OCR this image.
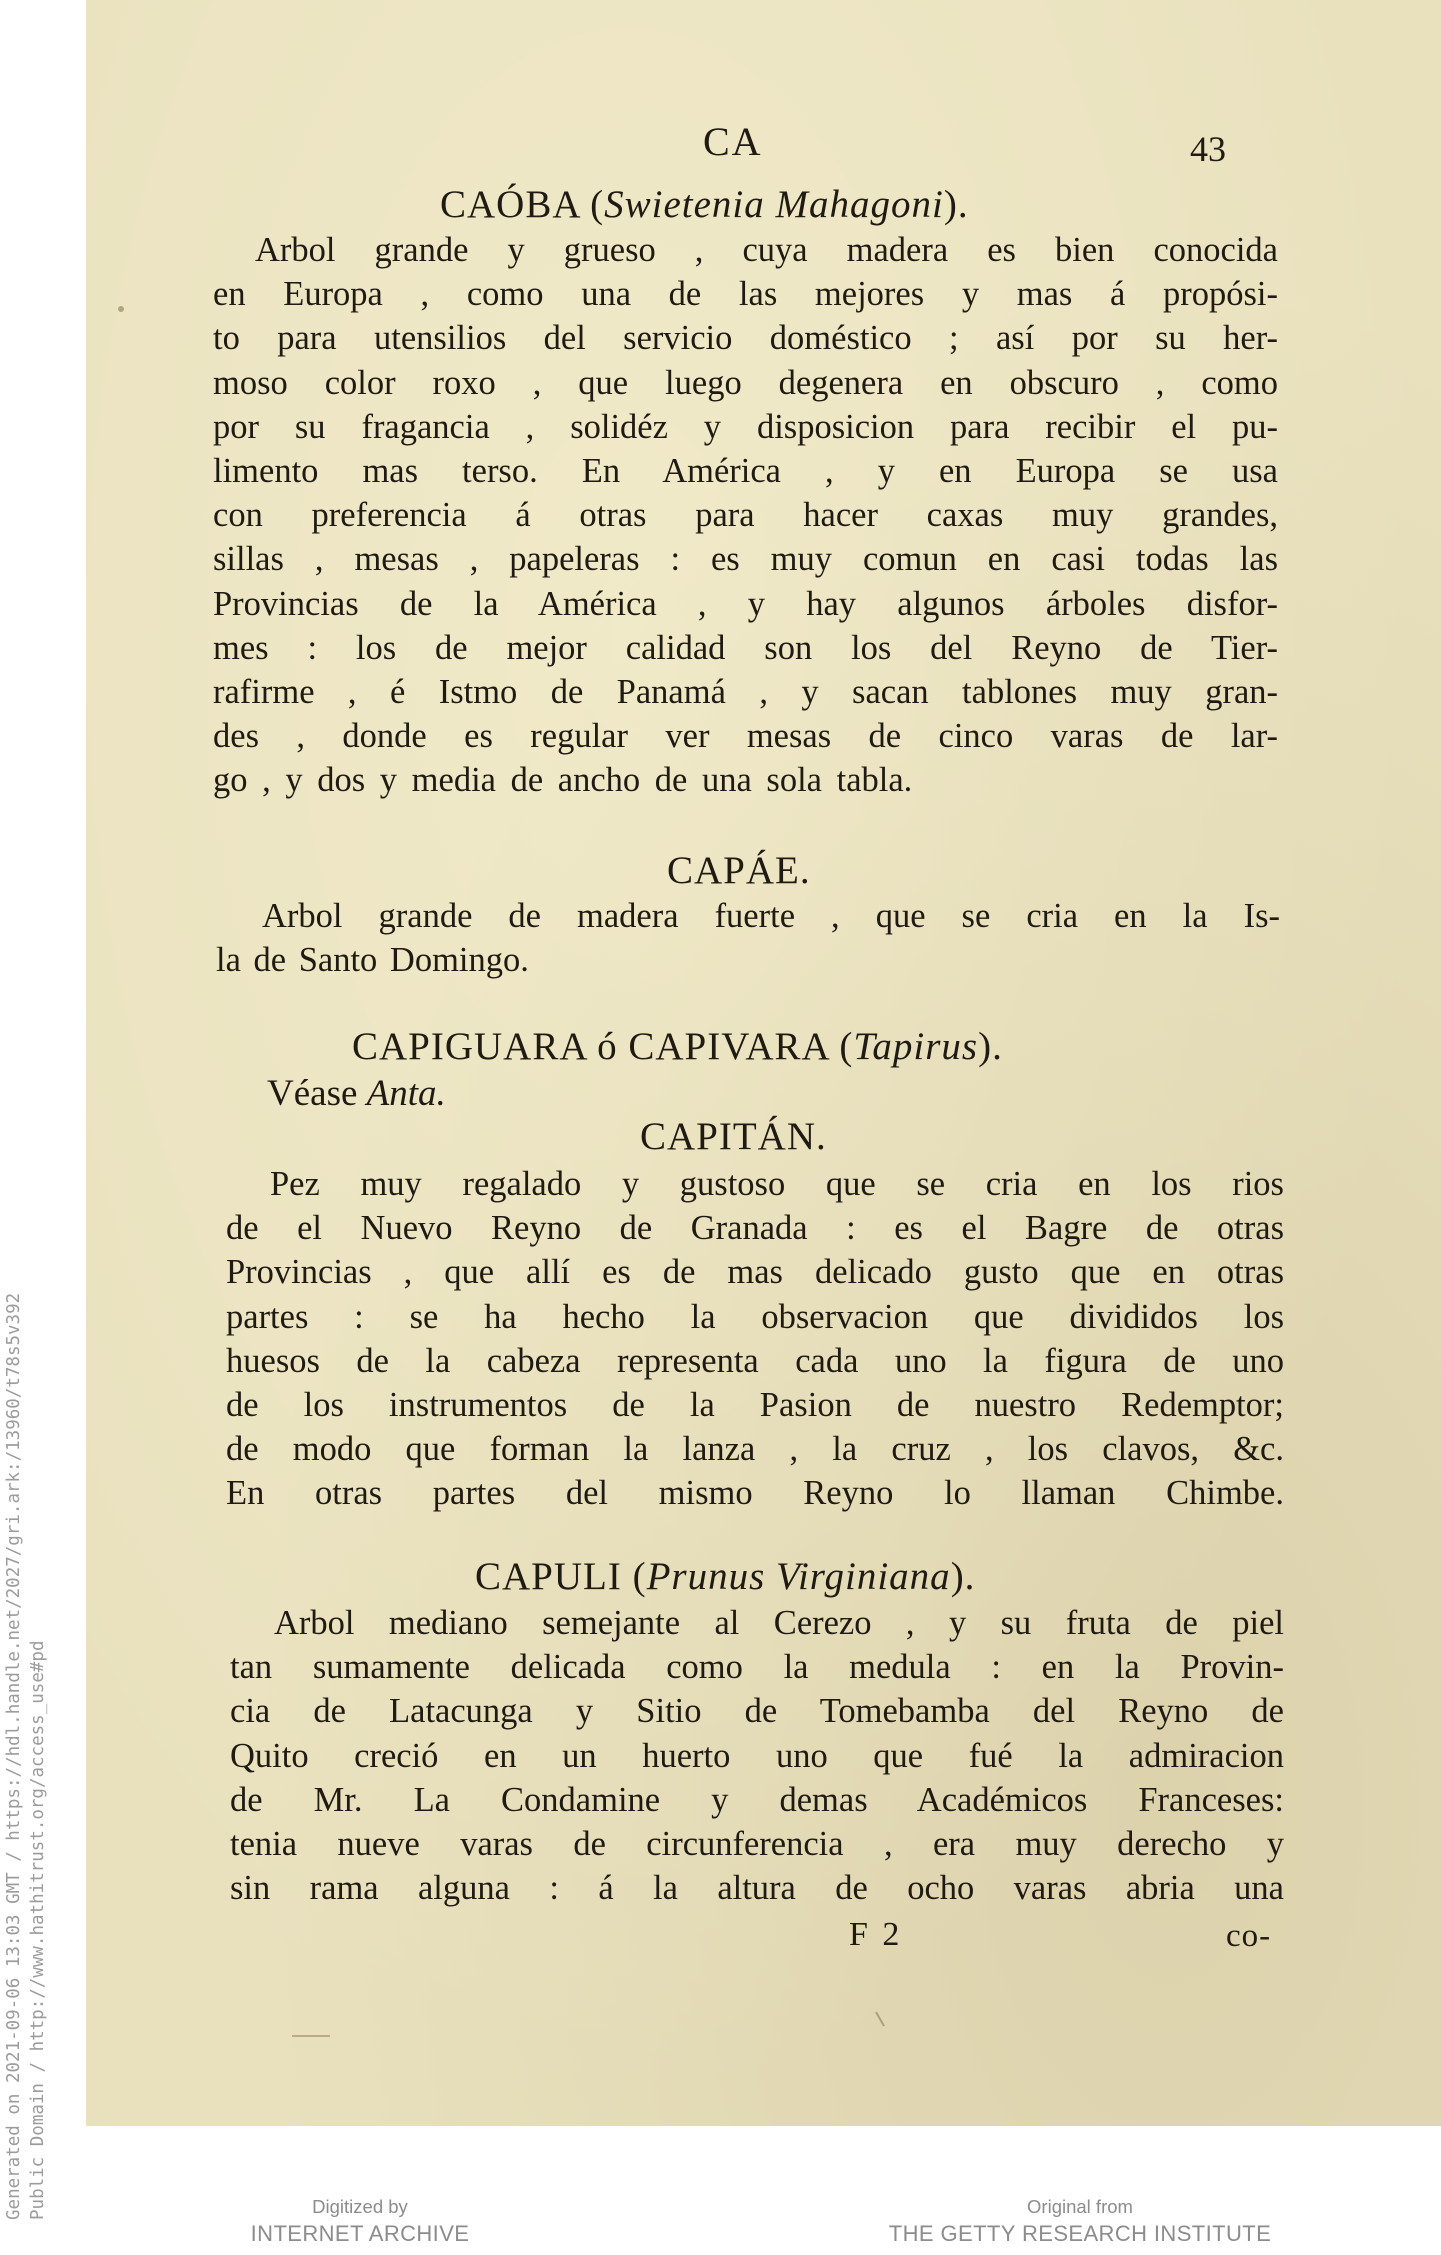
Generated on 2021-09-06 13:03 GMT / https://hdl.handle.net/2027/gri.ark:/13960/t78s5v392 Public Domain / http://www.hathitrust.org/access_use#pd
CA	43
CAÓBA (Swietenia Mahagoni).
Arbol grande y grueso , cuya madera es bien conocida
en Europa , como una de las mejores y mas á propósi-
to para utensilios del servicio doméstico ; así por su her-
moso color roxo , que luego degenera en obscuro , como
por su fragancia , solidéz y disposicion para recibir el pu-
limento mas terso. En América , y en Europa se usa
con preferencia á otras para hacer caxas muy grandes,
sillas , mesas , papeleras : es muy comun en casi todas las
Provincias de la América , y hay algunos árboles disfor-
mes : los de mejor calidad son los del Reyno de Tier-
rafirme , é Istmo de Panamá , y sacan tablones muy gran-
des , donde es regular ver mesas de cinco varas de lar-
go , y dos y media de ancho de una sola tabla.
CAPÁE.
Arbol grande de madera fuerte , que se cria en la Is-
la de Santo Domingo.
CAPIGUARA ó CAPIVARA (Tapirus).
Véase Anta.
CAPITÁN.
Pez muy regalado y gustoso que se cria en los rios
de el Nuevo Reyno de Granada : es el Bagre de otras
Provincias , que allí es de mas delicado gusto que en otras
partes : se ha hecho la observacion que divididos los
huesos de la cabeza representa cada uno la figura de uno
de los instrumentos de la Pasion de nuestro Redemptor;
de modo que forman la lanza , la cruz , los clavos, &c.
En otras partes del mismo Reyno lo llaman Chimbe.
CAPULI (Prunus Virginiana).
Arbol mediano semejante al Cerezo , y su fruta de piel
tan sumamente delicada como la medula : en la Provin-
cia de Latacunga y Sitio de Tomebamba del Reyno de
Quito creció en un huerto uno que fué la admiracion
de Mr. La Condamine y demas Académicos Franceses:
tenia nueve varas de circunferencia , era muy derecho y
sin rama alguna : á la altura de ocho varas abria una
F 2	co-
Digitized by
INTERNET ARCHIVE
Original from
THE GETTY RESEARCH INSTITUTE
